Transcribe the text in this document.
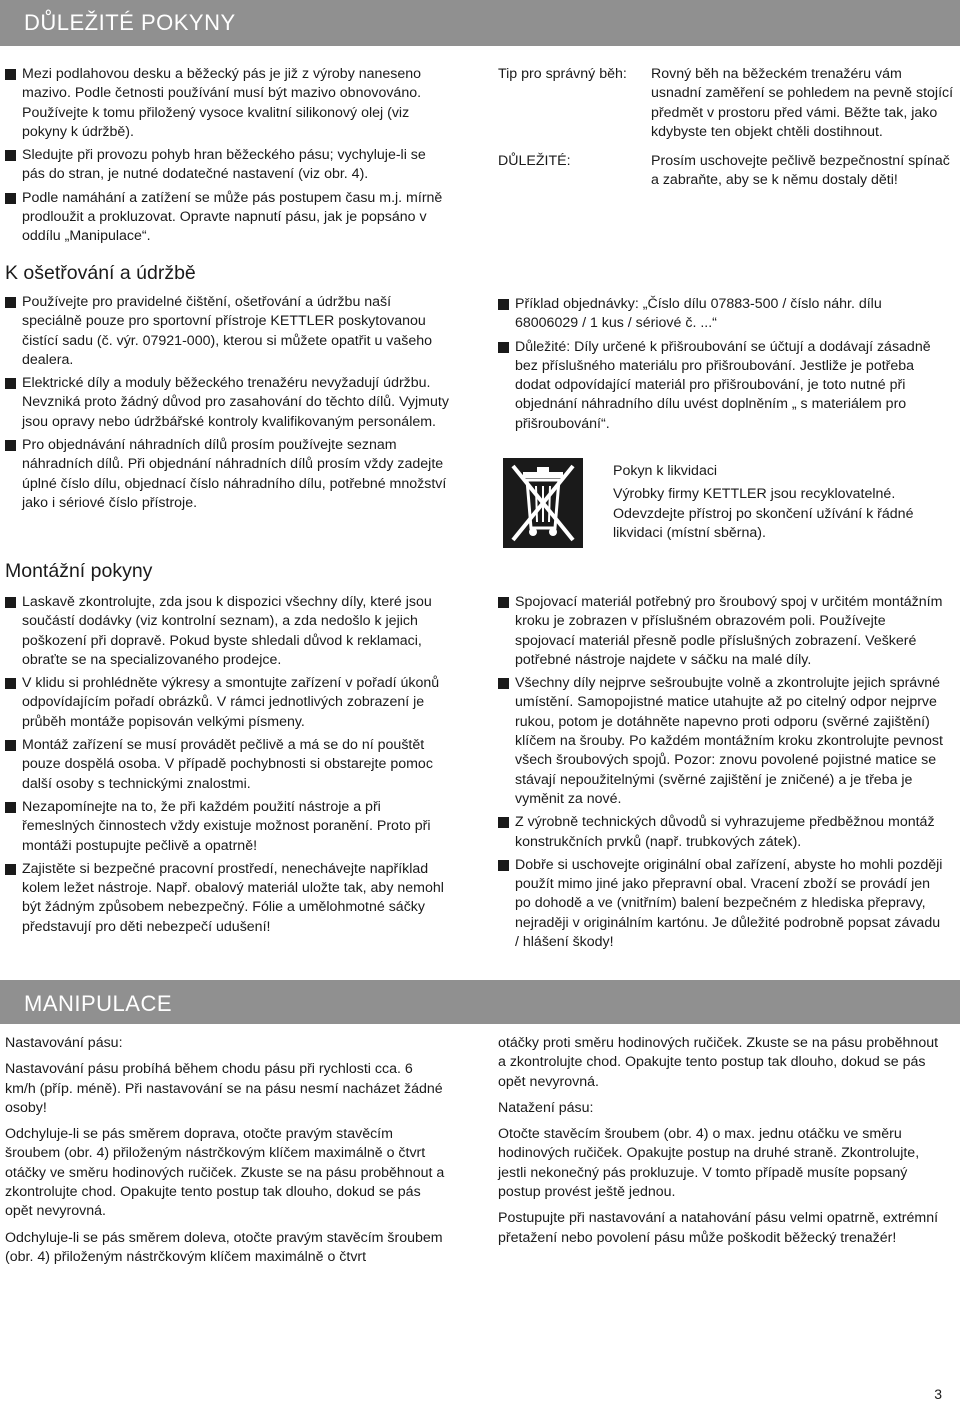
DŮLEŽITÉ POKYNY

Mezi podlahovou desku a běžecký pás je již z výroby naneseno mazivo. Podle četnosti používání musí být mazivo obnovováno. Používejte k tomu přiložený vysoce kvalitní silikonový olej (viz pokyny k údržbě).

Sledujte při provozu pohyb hran běžeckého pásu; vychyluje-li se pás do stran, je nutné dodatečné nastavení (viz obr. 4).

Podle namáhání a zatížení se může pás postupem času m.j. mírně prodloužit a prokluzovat. Opravte napnutí pásu, jak je popsáno v oddílu „Manipulace“.

Tip pro správný běh: Rovný běh na běžeckém trenažéru vám usnadní zaměření se pohledem na pevně stojící předmět v prostoru před vámi. Běžte tak, jako kdybyste ten objekt chtěli dostihnout.
DŮLEŽITÉ:	Prosím uschovejte pečlivě bezpečnostní spínač a zabraňte, aby se k němu dostaly děti!
K ošetřování a údržbě

Používejte pro pravidelné čištění, ošetřování a údržbu naší speciálně pouze pro sportovní přístroje KETTLER poskytovanou čistící sadu (č. výr. 07921-000), kterou si můžete opatřit u vašeho dealera.

Elektrické díly a moduly běžeckého trenažéru nevyžadují údržbu. Nevzniká proto žádný důvod pro zasahování do těchto dílů. Vyjmuty jsou opravy nebo údržbářské kontroly kvalifikovaným personálem.

Pro objednávání náhradních dílů prosím používejte seznam náhradních dílů. Při objednání náhradních dílů prosím vždy zadejte úplné číslo dílu, objednací číslo náhradního dílu, potřebné množství jako i sériové číslo přístroje.

Příklad objednávky: „Číslo dílu 07883-500 / číslo náhr. dílu 68006029 / 1 kus / sériové č. ...“

Důležité: Díly určené k přišroubování se účtují a dodávají zásadně bez příslušného materiálu pro přišroubování. Jestliže je potřeba dodat odpovídající materiál pro přišroubování, je toto nutné při objednání náhradního dílu uvést doplněním „ s materiálem pro přišroubování“.

Pokyn k likvidaci

Výrobky firmy KETTLER jsou recyklovatelné.

Odevzdejte přístroj po skončení užívání k řádné likvidaci (místní sběrna).

Montážní pokyny

Laskavě zkontrolujte, zda jsou k dispozici všechny díly, které jsou součástí dodávky (viz kontrolní seznam), a zda nedošlo k jejich poškození při dopravě. Pokud byste shledali důvod k reklamaci, obraťte se na specializovaného prodejce.

V klidu si prohlédněte výkresy a smontujte zařízení v pořadí úkonů odpovídajícím pořadí obrázků. V rámci jednotlivých zobrazení je průběh montáže popisován velkými písmeny.

Montáž zařízení se musí provádět pečlivě a má se do ní pouštět pouze dospělá osoba. V případě pochybnosti si obstarejte pomoc další osoby s technickými znalostmi.

Nezapomínejte na to, že při každém použití nástroje a při řemeslných činnostech vždy existuje možnost poranění. Proto při montáži postupujte pečlivě a opatrně!

Zajistěte si bezpečné pracovní prostředí, nenechávejte například kolem ležet nástroje. Např. obalový materiál uložte tak, aby nemohl být žádným způsobem nebezpečný. Fólie a umělohmotné sáčky představují pro děti nebezpečí udušení!

Spojovací materiál potřebný pro šroubový spoj v určitém montážním kroku je zobrazen v příslušném obrazovém poli. Používejte spojovací materiál přesně podle příslušných zobrazení. Veškeré potřebné nástroje najdete v sáčku na malé díly.

Všechny díly nejprve sešroubujte volně a zkontrolujte jejich správné umístění. Samopojistné matice utahujte až po citelný odpor nejprve rukou, potom je dotáhněte napevno proti odporu (svěrné zajištění) klíčem na šrouby. Po každém montážním kroku zkontrolujte pevnost všech šroubových spojů. Pozor: znovu povolené pojistné matice se stávají nepoužitelnými (svěrné zajištění je zničené) a je třeba je vyměnit za nové.

Z výrobně technických důvodů si vyhrazujeme předběžnou montáž konstrukčních prvků (např. trubkových zátek).

Dobře si uschovejte originální obal zařízení, abyste ho mohli později použít mimo jiné jako přepravní obal. Vracení zboží se provádí jen po dohodě a ve (vnitřním) balení bezpečném z hlediska přepravy, nejraději v originálním kartónu. Je důležité podrobně popsat závadu / hlášení škody!

MANIPULACE

Nastavování pásu:

Nastavování pásu probíhá během chodu pásu při rychlosti cca. 6 km/h (příp. méně). Při nastavování se na pásu nesmí nacházet žádné osoby!

Odchyluje-li se pás směrem doprava, otočte pravým stavěcím šroubem (obr. 4) přiloženým nástrčkovým klíčem maximálně o čtvrt otáčky ve směru hodinových ručiček. Zkuste se na pásu proběhnout a zkontrolujte chod. Opakujte tento postup tak dlouho, dokud se pás opět nevyrovná.

Odchyluje-li se pás směrem doleva, otočte pravým stavěcím šroubem (obr. 4) přiloženým nástrčkovým klíčem maximálně o čtvrt

otáčky proti směru hodinových ručiček. Zkuste se na pásu proběhnout a zkontrolujte chod. Opakujte tento postup tak dlouho, dokud se pás opět nevyrovná.

Natažení pásu:

Otočte stavěcím šroubem (obr. 4) o max. jednu otáčku ve směru hodinových ručiček. Opakujte postup na druhé straně. Zkontrolujte, jestli nekonečný pás prokluzuje. V tomto případě musíte popsaný postup provést ještě jednou.

Postupujte při nastavování a natahování pásu velmi opatrně, extrémní přetažení nebo povolení pásu může poškodit běžecký trenažér!

3
